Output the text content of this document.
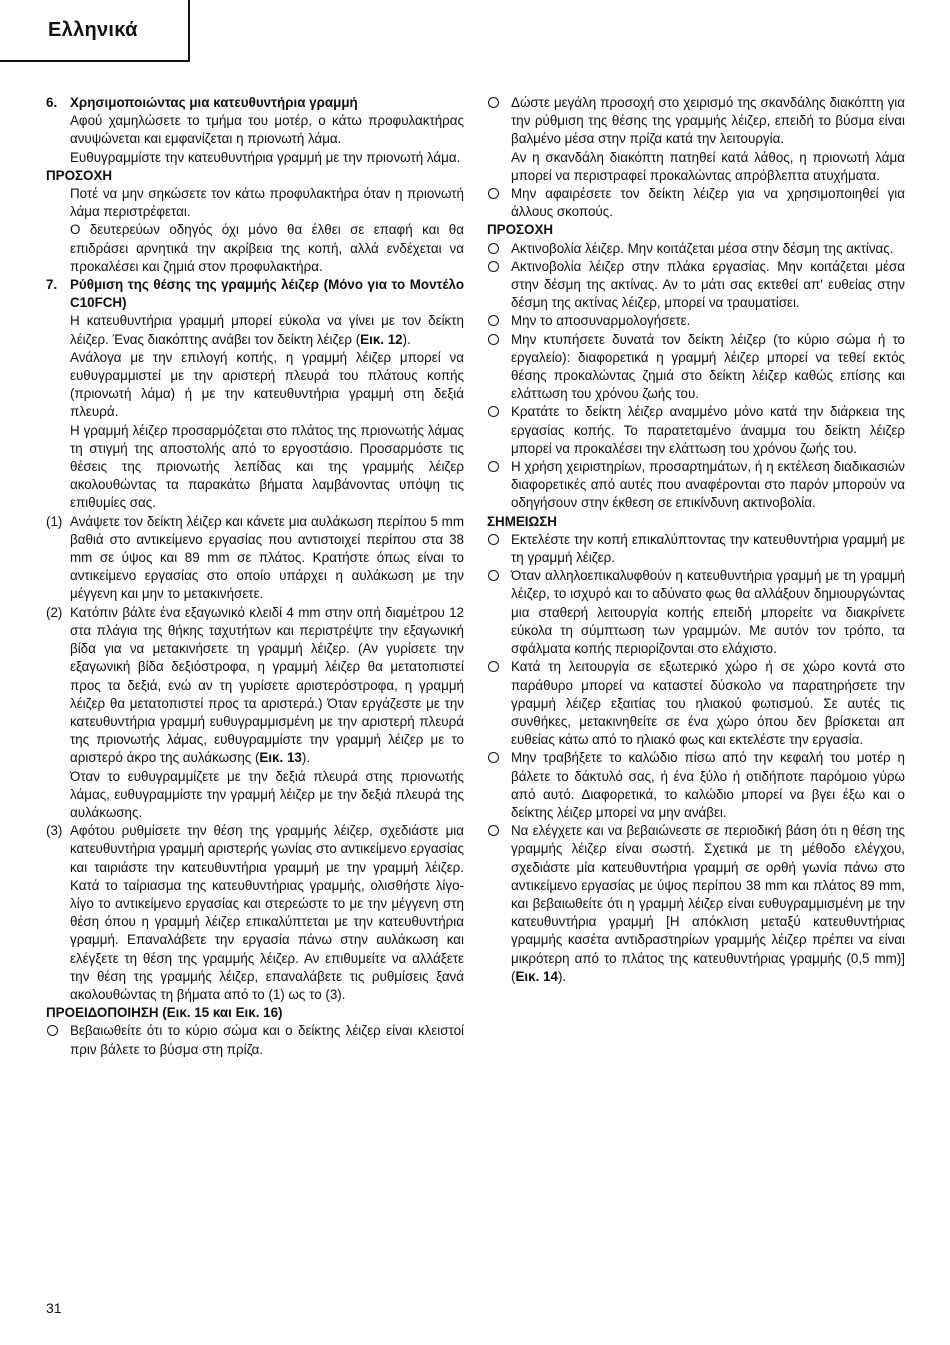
Ελληνικά
6. Χρησιμοποιώντας μια κατευθυντήρια γραμμή
Αφού χαμηλώσετε το τμήμα του μοτέρ, ο κάτω προφυλακτήρας ανυψώνεται και εμφανίζεται η πριονωτή λάμα.
Ευθυγραμμίστε την κατευθυντήρια γραμμή με την πριονωτή λάμα.
ΠΡΟΣΟΧΗ
Ποτέ να μην σηκώσετε τον κάτω προφυλακτήρα όταν η πριονωτή λάμα περιστρέφεται.
Ο δευτερεύων οδηγός όχι μόνο θα έλθει σε επαφή και θα επιδράσει αρνητικά την ακρίβεια της κοπή, αλλά ενδέχεται να προκαλέσει και ζημιά στον προφυλακτήρα.
7. Ρύθμιση της θέσης της γραμμής λέιζερ (Μόνο για το Μοντέλο C10FCH)
Η κατευθυντήρια γραμμή μπορεί εύκολα να γίνει με τον δείκτη λέιζερ. Ένας διακόπτης ανάβει τον δείκτη λέιζερ (Εικ. 12).
Ανάλογα με την επιλογή κοπής, η γραμμή λέιζερ μπορεί να ευθυγραμμιστεί με την αριστερή πλευρά του πλάτους κοπής (πριονωτή λάμα) ή με την κατευθυντήρια γραμμή στη δεξιά πλευρά.
Η γραμμή λέιζερ προσαρμόζεται στο πλάτος της πριονωτής λάμας τη στιγμή της αποστολής από το εργοστάσιο. Προσαρμόστε τις θέσεις της πριονωτής λεπίδας και της γραμμής λέιζερ ακολουθώντας τα παρακάτω βήματα λαμβάνοντας υπόψη τις επιθυμίες σας.
(1) Ανάψετε τον δείκτη λέιζερ και κάνετε μια αυλάκωση περίπου 5 mm βαθιά στο αντικείμενο εργασίας που αντιστοιχεί περίπου στα 38 mm σε ύψος και 89 mm σε πλάτος. Κρατήστε όπως είναι το αντικείμενο εργασίας στο οποίο υπάρχει η αυλάκωση με την μέγγενη και μην το μετακινήσετε.
(2) Κατόπιν βάλτε ένα εξαγωνικό κλειδί 4 mm στην οπή διαμέτρου 12 στα πλάγια της θήκης ταχυτήτων και περιστρέψτε την εξαγωνική βίδα για να μετακινήσετε τη γραμμή λέιζερ. (Αν γυρίσετε την εξαγωνική βίδα δεξιόστροφα, η γραμμή λέιζερ θα μετατοπιστεί προς τα δεξιά, ενώ αν τη γυρίσετε αριστερόστροφα, η γραμμή λέιζερ θα μετατοπιστεί προς τα αριστερά.) Όταν εργάζεστε με την κατευθυντήρια γραμμή ευθυγραμμισμένη με την αριστερή πλευρά της πριονωτής λάμας, ευθυγραμμίστε την γραμμή λέιζερ με το αριστερό άκρο της αυλάκωσης (Εικ. 13).
Όταν το ευθυγραμμίζετε με την δεξιά πλευρά στης πριονωτής λάμας, ευθυγραμμίστε την γραμμή λέιζερ με την δεξιά πλευρά της αυλάκωσης.
(3) Αφότου ρυθμίσετε την θέση της γραμμής λέιζερ, σχεδιάστε μια κατευθυντήρια γραμμή αριστερής γωνίας στο αντικείμενο εργασίας και ταιριάστε την κατευθυντήρια γραμμή με την γραμμή λέιζερ. Κατά το ταίριασμα της κατευθυντήριας γραμμής, ολισθήστε λίγο-λίγο το αντικείμενο εργασίας και στερεώστε το με την μέγγενη στη θέση όπου η γραμμή λέιζερ επικαλύπτεται με την κατευθυντήρια γραμμή. Επαναλάβετε την εργασία πάνω στην αυλάκωση και ελέγξετε τη θέση της γραμμής λέιζερ. Αν επιθυμείτε να αλλάξετε την θέση της γραμμής λέιζερ, επαναλάβετε τις ρυθμίσεις ξανά ακολουθώντας τη βήματα από το (1) ως το (3).
ΠΡΟΕΙΔΟΠΟΙΗΣΗ (Εικ. 15 και Εικ. 16)
Βεβαιωθείτε ότι το κύριο σώμα και ο δείκτης λέιζερ είναι κλειστοί πριν βάλετε το βύσμα στη πρίζα.
Δώστε μεγάλη προσοχή στο χειρισμό της σκανδάλης διακόπτη για την ρύθμιση της θέσης της γραμμής λέιζερ, επειδή το βύσμα είναι βαλμένο μέσα στην πρίζα κατά την λειτουργία.
Αν η σκανδάλη διακόπτη πατηθεί κατά λάθος, η πριονωτή λάμα μπορεί να περιστραφεί προκαλώντας απρόβλεπτα ατυχήματα.
Μην αφαιρέσετε τον δείκτη λέιζερ για να χρησιμοποιηθεί για άλλους σκοπούς.
ΠΡΟΣΟΧΗ
Ακτινοβολία λέιζερ. Μην κοιτάζεται μέσα στην δέσμη της ακτίνας.
Ακτινοβολία λέιζερ στην πλάκα εργασίας. Μην κοιτάζεται μέσα στην δέσμη της ακτίνας. Αν το μάτι σας εκτεθεί απ' ευθείας στην δέσμη της ακτίνας λέιζερ, μπορεί να τραυματίσει.
Μην το αποσυναρμολογήσετε.
Μην κτυπήσετε δυνατά τον δείκτη λέιζερ (το κύριο σώμα ή το εργαλείο): διαφορετικά η γραμμή λέιζερ μπορεί να τεθεί εκτός θέσης προκαλώντας ζημιά στο δείκτη λέιζερ καθώς επίσης και ελάττωση του χρόνου ζωής του.
Κρατάτε το δείκτη λέιζερ αναμμένο μόνο κατά την διάρκεια της εργασίας κοπής. Το παρατεταμένο άναμμα του δείκτη λέιζερ μπορεί να προκαλέσει την ελάττωση του χρόνου ζωής του.
Η χρήση χειριστηρίων, προσαρτημάτων, ή η εκτέλεση διαδικασιών διαφορετικές από αυτές που αναφέρονται στο παρόν μπορούν να οδηγήσουν στην έκθεση σε επικίνδυνη ακτινοβολία.
ΣΗΜΕΙΩΣΗ
Εκτελέστε την κοπή επικαλύπτοντας την κατευθυντήρια γραμμή με τη γραμμή λέιζερ.
Όταν αλληλοεπικαλυφθούν η κατευθυντήρια γραμμή με τη γραμμή λέιζερ, το ισχυρό και το αδύνατο φως θα αλλάξουν δημιουργώντας μια σταθερή λειτουργία κοπής επειδή μπορείτε να διακρίνετε εύκολα τη σύμπτωση των γραμμών. Με αυτόν τον τρόπο, τα σφάλματα κοπής περιορίζονται στο ελάχιστο.
Κατά τη λειτουργία σε εξωτερικό χώρο ή σε χώρο κοντά στο παράθυρο μπορεί να καταστεί δύσκολο να παρατηρήσετε την γραμμή λέιζερ εξαιτίας του ηλιακού φωτισμού. Σε αυτές τις συνθήκες, μετακινηθείτε σε ένα χώρο όπου δεν βρίσκεται απ ευθείας κάτω από το ηλιακό φως και εκτελέστε την εργασία.
Μην τραβήξετε το καλώδιο πίσω από την κεφαλή του μοτέρ η βάλετε το δάκτυλό σας, ή ένα ξύλο ή οτιδήποτε παρόμοιο γύρω από αυτό. Διαφορετικά, το καλώδιο μπορεί να βγει έξω και ο δείκτης λέιζερ μπορεί να μην ανάβει.
Να ελέγχετε και να βεβαιώνεστε σε περιοδική βάση ότι η θέση της γραμμής λέιζερ είναι σωστή. Σχετικά με τη μέθοδο ελέγχου, σχεδιάστε μία κατευθυντήρια γραμμή σε ορθή γωνία πάνω στο αντικείμενο εργασίας με ύψος περίπου 38 mm και πλάτος 89 mm, και βεβαιωθείτε ότι η γραμμή λέιζερ είναι ευθυγραμμισμένη με την κατευθυντήρια γραμμή [Η απόκλιση μεταξύ κατευθυντήριας γραμμής κασέτα αντιδραστηρίων γραμμής λέιζερ πρέπει να είναι μικρότερη από το πλάτος της κατευθυντήριας γραμμής (0,5 mm)] (Εικ. 14).
31
